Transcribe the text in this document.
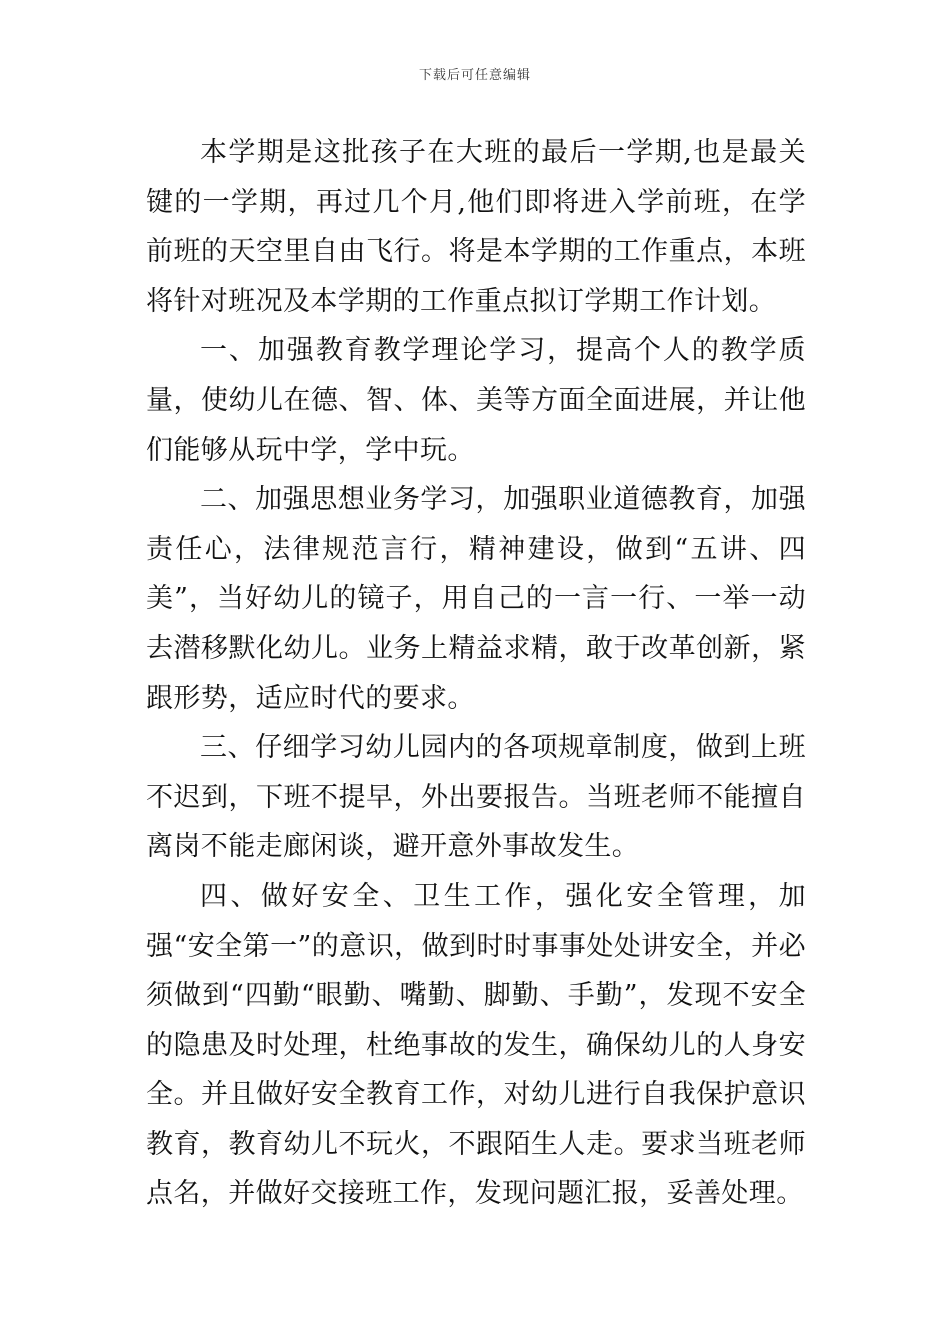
下载后可任意编辑

本学期是这批孩子在大班的最后一学期,也是最关键的一学期，再过几个月,他们即将进入学前班，在学前班的天空里自由飞行。将是本学期的工作重点，本班将针对班况及本学期的工作重点拟订学期工作计划。

一、加强教育教学理论学习，提高个人的教学质量，使幼儿在德、智、体、美等方面全面进展，并让他们能够从玩中学，学中玩。

二、加强思想业务学习，加强职业道德教育，加强责任心，法律规范言行，精神建设，做到“五讲、四美”，当好幼儿的镜子，用自己的一言一行、一举一动去潜移默化幼儿。业务上精益求精，敢于改革创新，紧跟形势，适应时代的要求。

三、仔细学习幼儿园内的各项规章制度，做到上班不迟到，下班不提早，外出要报告。当班老师不能擅自离岗不能走廊闲谈，避开意外事故发生。

四、做好安全、卫生工作，强化安全管理，加强“安全第一”的意识，做到时时事事处处讲安全，并必须做到“四勤“眼勤、嘴勤、脚勤、手勤”，发现不安全的隐患及时处理，杜绝事故的发生，确保幼儿的人身安全。并且做好安全教育工作，对幼儿进行自我保护意识教育，教育幼儿不玩火，不跟陌生人走。要求当班老师点名，并做好交接班工作，发现问题汇报，妥善处理。
